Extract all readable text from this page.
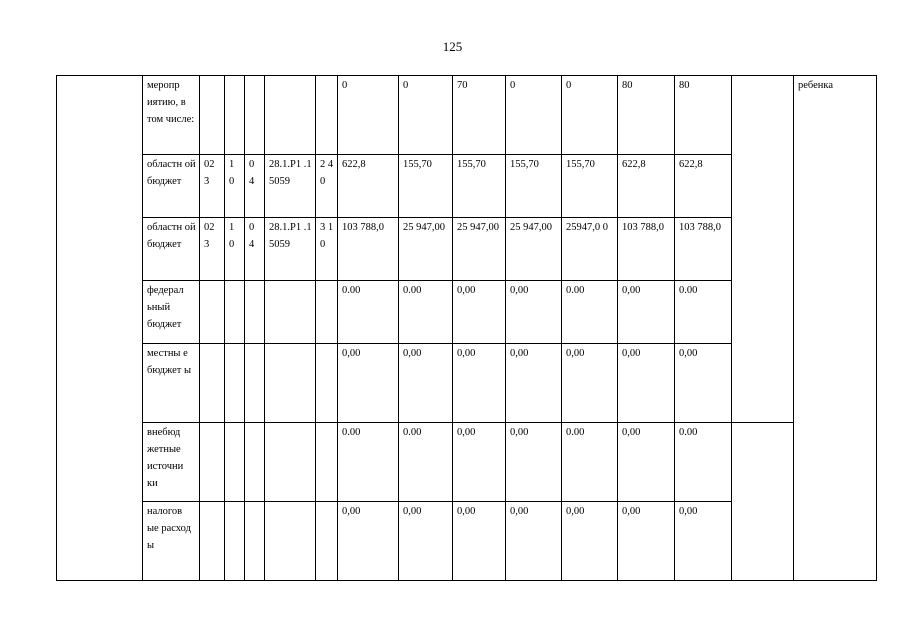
125
	меропр иятию, в том числе:						0	0	70	0	0	80	80		ребенка
	областн ой бюджет	02 3	1 0	0 4	28.1.P1 .15059	2 4 0	622,8	155,70	155,70	155,70	155,70	622,8	622,8		
	областн ой бюджет	02 3	1 0	0 4	28.1.P1 .15059	3 1 0	103 788,0	25 947,00	25 947,00	25 947,00	25947,0 0	103 788,0	103 788,0		
	федерал ьный бюджет						0.00	0.00	0,00	0,00	0.00	0,00	0.00		
	местны е бюджет ы						0,00	0,00	0,00	0,00	0,00	0,00	0,00		
	внебюд жетные источни ки						0.00	0.00	0,00	0,00	0.00	0,00	0.00		
	налогов ые расход ы						0,00	0,00	0,00	0,00	0,00	0,00	0,00		
